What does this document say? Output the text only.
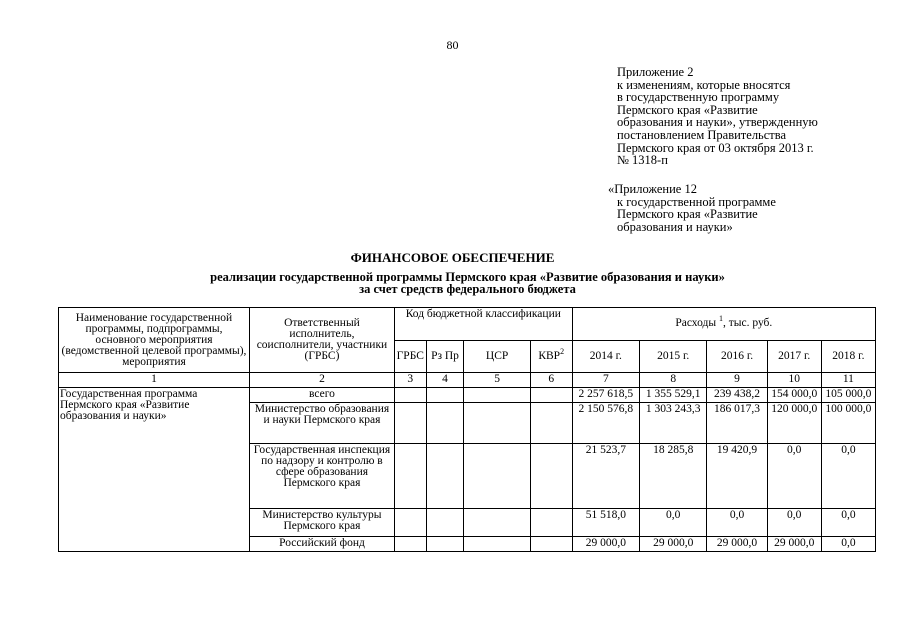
80
Приложение 2
к изменениям, которые вносятся
в государственную программу
Пермского края «Развитие
образования и науки», утвержденную
постановлением Правительства
Пермского края от 03 октября 2013 г.
№ 1318-п
«Приложение 12
к государственной программе
Пермского края «Развитие
образования и науки»
ФИНАНСОВОЕ ОБЕСПЕЧЕНИЕ
реализации государственной программы Пермского края «Развитие образования и науки»
за счет средств федерального бюджета
Наименование государственной программы, подпрограммы, основного мероприятия (ведомственной целевой программы), мероприятия	Ответственный исполнитель, соисполнители, участники (ГРБС)	Код бюджетной классификации				Расходы $^1$, тыс. руб.				
		ГРБС	Рз Пр	ЦСР	КВР$^2$	2014 г.	2015 г.	2016 г.	2017 г.	2018 г.
1	2	3	4	5	6	7	8	9	10	11
Государственная программа Пермского края «Развитие образования и науки»	всего					2 257 618,5	1 355 529,1	239 438,2	154 000,0	105 000,0
	Министерство образования и науки Пермского края					2 150 576,8	1 303 243,3	186 017,3	120 000,0	100 000,0
	Государственная инспекция по надзору и контролю в сфере образования Пермского края					21 523,7	18 285,8	19 420,9	0,0	0,0
	Министерство культуры Пермского края					51 518,0	0,0	0,0	0,0	0,0
	Российский фонд					29 000,0	29 000,0	29 000,0	29 000,0	0,0
